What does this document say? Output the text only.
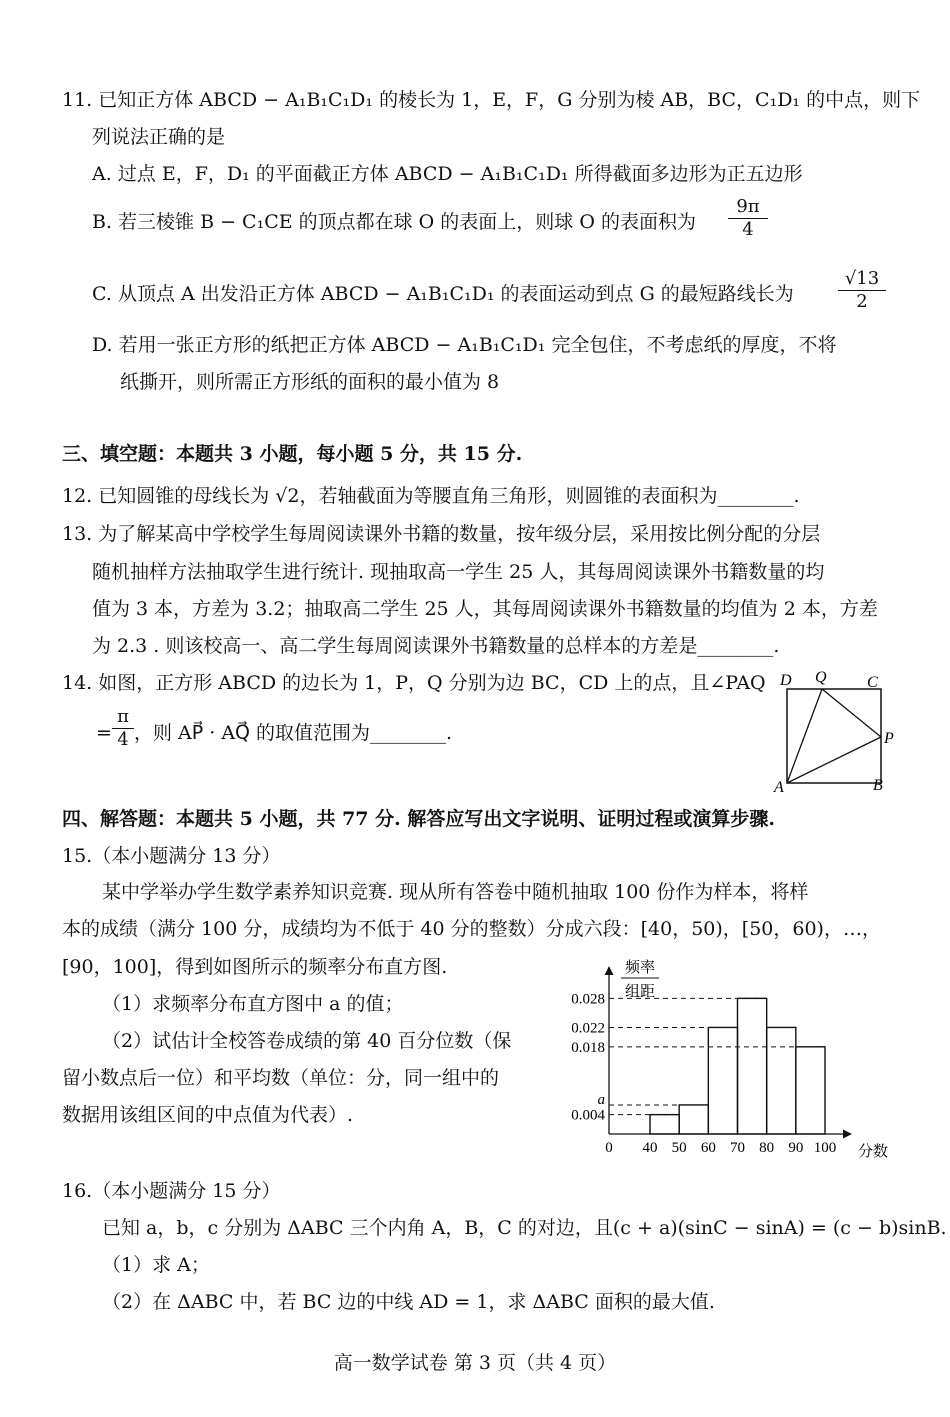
11. 已知正方体 ABCD − A₁B₁C₁D₁ 的棱长为 1，E，F，G 分别为棱 AB，BC，C₁D₁ 的中点，则下
列说法正确的是
A. 过点 E，F，D₁ 的平面截正方体 ABCD − A₁B₁C₁D₁ 所得截面多边形为正五边形
B. 若三棱锥 B − C₁CE 的顶点都在球 O 的表面上，则球 O 的表面积为 $\frac{9\pi}{4}$
C. 从顶点 A 出发沿正方体 ABCD − A₁B₁C₁D₁ 的表面运动到点 G 的最短路线长为 $\frac{√13}{2}$
D. 若用一张正方形的纸把正方体 ABCD − A₁B₁C₁D₁ 完全包住，不考虑纸的厚度，不将
纸撕开，则所需正方形纸的面积的最小值为 8
三、填空题：本题共 3 小题，每小题 5 分，共 15 分.
12. 已知圆锥的母线长为 √2，若轴截面为等腰直角三角形，则圆锥的表面积为________.
13. 为了解某高中学校学生每周阅读课外书籍的数量，按年级分层，采用按比例分配的分层
随机抽样方法抽取学生进行统计. 现抽取高一学生 25 人，其每周阅读课外书籍数量的均
值为 3 本，方差为 3.2；抽取高二学生 25 人，其每周阅读课外书籍数量的均值为 2 本，方差
为 2.3 . 则该校高一、高二学生每周阅读课外书籍数量的总样本的方差是________.
14. 如图，正方形 ABCD 的边长为 1，P，Q 分别为边 BC，CD 上的点，且∠PAQ
= $\frac{\pi}{4}$ ，则 AP⃗ · AQ⃗ 的取值范围为________.
D Q	C
P
A	B
四、解答题：本题共 5 小题，共 77 分. 解答应写出文字说明、证明过程或演算步骤.
15.（本小题满分 13 分）
某中学举办学生数学素养知识竞赛. 现从所有答卷中随机抽取 100 份作为样本，将样
本的成绩（满分 100 分，成绩均为不低于 40 分的整数）分成六段：[40，50)，[50，60)，…，
[90，100]，得到如图所示的频率分布直方图.
（1）求频率分布直方图中 a 的值；
（2）试估计全校答卷成绩的第 40 百分位数（保
留小数点后一位）和平均数（单位：分，同一组中的
数据用该组区间的中点值为代表）.
频率
组距
分数
0
0.028
0.022
0.018
a
0.004
40 50 60 70 80 90 100
16.（本小题满分 15 分）
已知 a，b，c 分别为 ΔABC 三个内角 A，B，C 的对边，且(c + a)(sinC − sinA) = (c − b)sinB.
（1）求 A；
（2）在 ΔABC 中，若 BC 边的中线 AD = 1，求 ΔABC 面积的最大值.
高一数学试卷 第 3 页（共 4 页）
